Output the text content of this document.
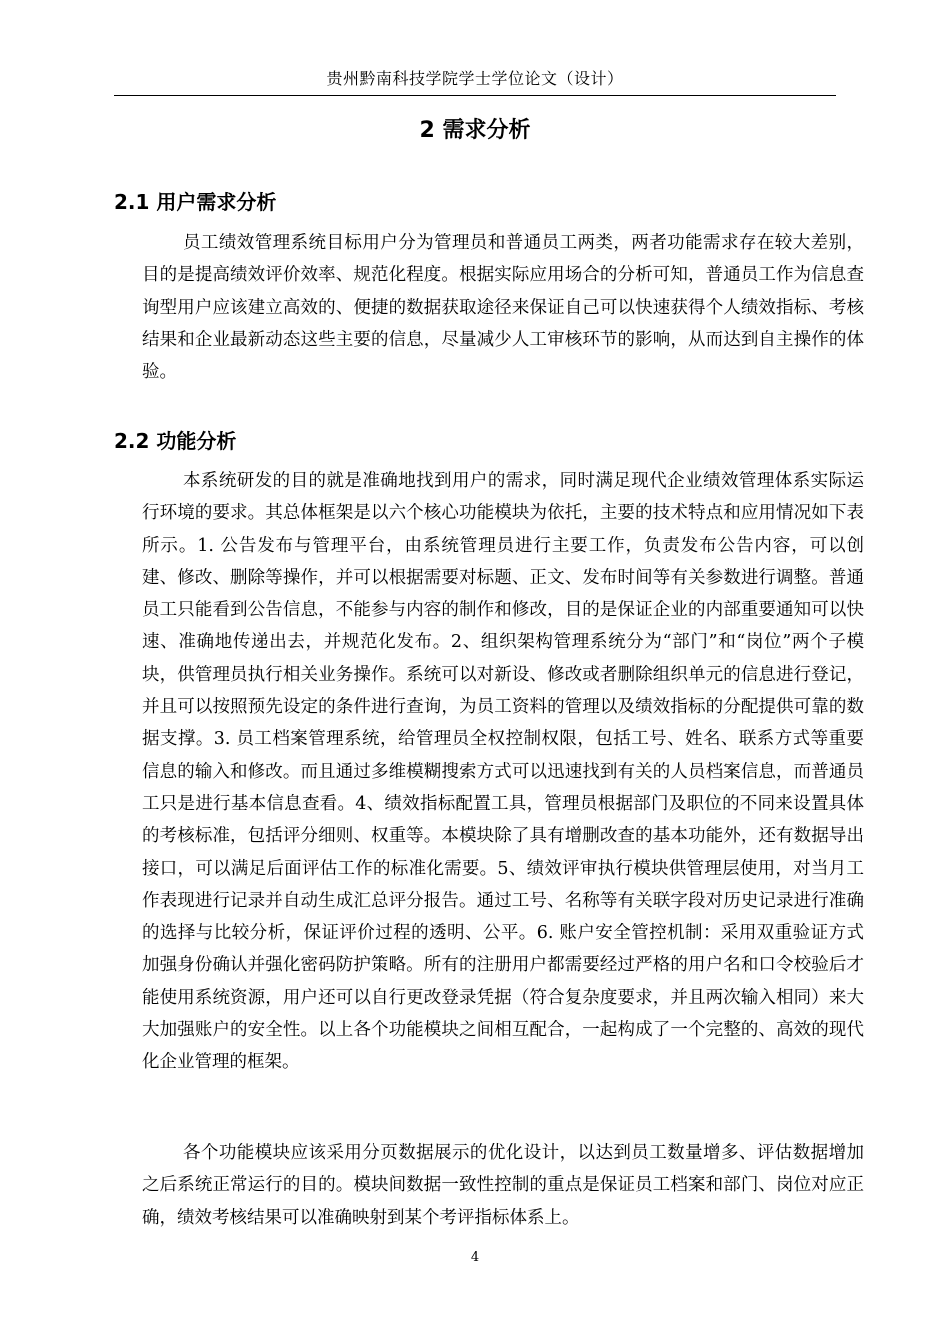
贵州黔南科技学院学士学位论文（设计）
2 需求分析
2.1 用户需求分析

员工绩效管理系统目标用户分为管理员和普通员工两类，两者功能需求存在较大差别，目的是提高绩效评价效率、规范化程度。根据实际应用场合的分析可知，普通员工作为信息查询型用户应该建立高效的、便捷的数据获取途径来保证自己可以快速获得个人绩效指标、考核结果和企业最新动态这些主要的信息，尽量减少人工审核环节的影响，从而达到自主操作的体验。

2.2 功能分析

本系统研发的目的就是准确地找到用户的需求，同时满足现代企业绩效管理体系实际运行环境的要求。其总体框架是以六个核心功能模块为依托，主要的技术特点和应用情况如下表所示。1. 公告发布与管理平台，由系统管理员进行主要工作，负责发布公告内容，可以创建、修改、删除等操作，并可以根据需要对标题、正文、发布时间等有关参数进行调整。普通员工只能看到公告信息，不能参与内容的制作和修改，目的是保证企业的内部重要通知可以快速、准确地传递出去，并规范化发布。2、组织架构管理系统分为“部门”和“岗位”两个子模块，供管理员执行相关业务操作。系统可以对新设、修改或者删除组织单元的信息进行登记，并且可以按照预先设定的条件进行查询，为员工资料的管理以及绩效指标的分配提供可靠的数据支撑。3. 员工档案管理系统，给管理员全权控制权限，包括工号、姓名、联系方式等重要信息的输入和修改。而且通过多维模糊搜索方式可以迅速找到有关的人员档案信息，而普通员工只是进行基本信息查看。4、绩效指标配置工具，管理员根据部门及职位的不同来设置具体的考核标准，包括评分细则、权重等。本模块除了具有增删改查的基本功能外，还有数据导出接口，可以满足后面评估工作的标准化需要。5、绩效评审执行模块供管理层使用，对当月工作表现进行记录并自动生成汇总评分报告。通过工号、名称等有关联字段对历史记录进行准确的选择与比较分析，保证评价过程的透明、公平。6. 账户安全管控机制：采用双重验证方式加强身份确认并强化密码防护策略。所有的注册用户都需要经过严格的用户名和口令校验后才能使用系统资源，用户还可以自行更改登录凭据（符合复杂度要求，并且两次输入相同）来大大加强账户的安全性。以上各个功能模块之间相互配合，一起构成了一个完整的、高效的现代化企业管理的框架。

各个功能模块应该采用分页数据展示的优化设计，以达到员工数量增多、评估数据增加之后系统正常运行的目的。模块间数据一致性控制的重点是保证员工档案和部门、岗位对应正确，绩效考核结果可以准确映射到某个考评指标体系上。

4
